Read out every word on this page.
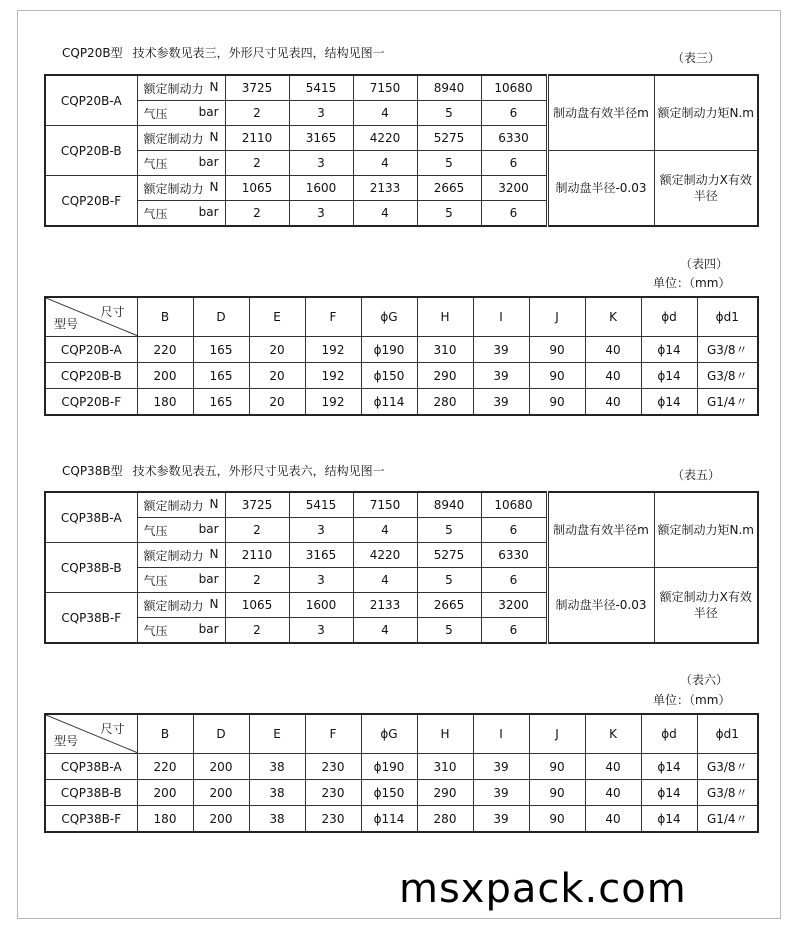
CQP20B型 技术参数见表三，外形尺寸见表四，结构见图一	（表三）
CQP20B-A	额定制动力 N	3725	5415	7150	8940	10680	制动盘有效半径m	额定制动力矩N.m
	气压 bar	2	3	4	5	6		
CQP20B-B	额定制动力 N	2110	3165	4220	5275	6330		
	气压 bar	2	3	4	5	6	制动盘半径-0.03	额定制动力X有效半径
CQP20B-F	额定制动力 N	1065	1600	2133	2665	3200		
	气压 bar	2	3	4	5	6		
（表四）
单位：（mm）
尺寸
型号	B	D	E	F	ϕG	H	I	J	K	ϕd	ϕd1
CQP20B-A	220	165	20	192	ϕ190	310	39	90	40	ϕ14	G3/8〃
CQP20B-B	200	165	20	192	ϕ150	290	39	90	40	ϕ14	G3/8〃
CQP20B-F	180	165	20	192	ϕ114	280	39	90	40	ϕ14	G1/4〃
CQP38B型 技术参数见表五，外形尺寸见表六，结构见图一	（表五）
CQP38B-A	额定制动力 N	3725	5415	7150	8940	10680	制动盘有效半径m	额定制动力矩N.m
	气压 bar	2	3	4	5	6		
CQP38B-B	额定制动力 N	2110	3165	4220	5275	6330		
	气压 bar	2	3	4	5	6	制动盘半径-0.03	额定制动力X有效半径
CQP38B-F	额定制动力 N	1065	1600	2133	2665	3200		
	气压 bar	2	3	4	5	6		
（表六）
单位：（mm）
尺寸
型号	B	D	E	F	ϕG	H	I	J	K	ϕd	ϕd1
CQP38B-A	220	200	38	230	ϕ190	310	39	90	40	ϕ14	G3/8〃
CQP38B-B	200	200	38	230	ϕ150	290	39	90	40	ϕ14	G3/8〃
CQP38B-F	180	200	38	230	ϕ114	280	39	90	40	ϕ14	G1/4〃
msxpack.com
